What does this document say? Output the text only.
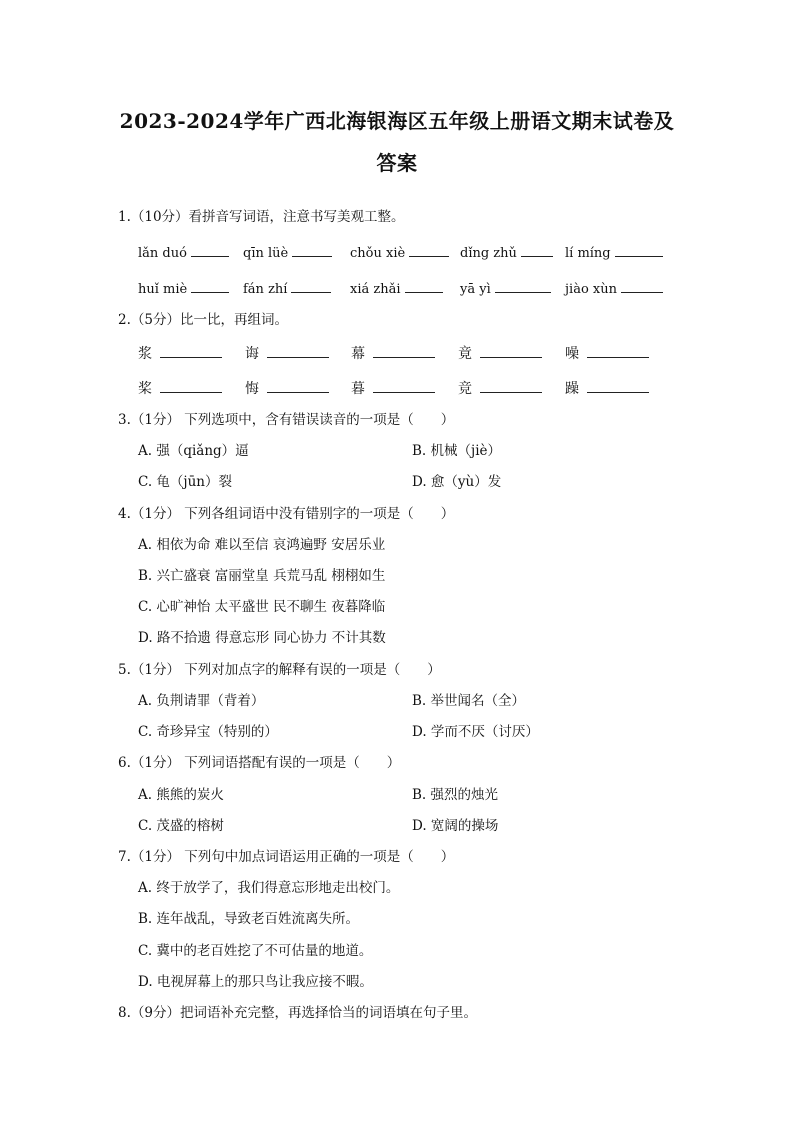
2023-2024学年广西北海银海区五年级上册语文期末试卷及
答案
1.（10分）看拼音写词语，注意书写美观工整。
lǎn duó	qīn lüè	chǒu xiè	dǐng zhǔ	lí míng
huǐ miè	fán zhí	xiá zhǎi	yā yì	jiào xùn
2.（5分）比一比，再组词。
浆	诲	幕	竟	噪
桨	悔	暮	竞	躁
3.（1分） 下列选项中，含有错误读音的一项是（　　）
A. 强（qiǎng）逼	B. 机械（jiè）
C. 龟（jūn）裂	D. 愈（yù）发
4.（1分） 下列各组词语中没有错别字的一项是（　　）
A. 相依为命 难以至信 哀鸿遍野 安居乐业
B. 兴亡盛衰 富丽堂皇 兵荒马乱 栩栩如生
C. 心旷神怡 太平盛世 民不聊生 夜暮降临
D. 路不拾遗 得意忘形 同心协力 不计其数
5.（1分） 下列对加点字的解释有误的一项是（　　）
A. 负荆请罪（背着）	B. 举世闻名（全）
C. 奇珍异宝（特别的）	D. 学而不厌（讨厌）
6.（1分） 下列词语搭配有误的一项是（　　）
A. 熊熊的炭火	B. 强烈的烛光
C. 茂盛的榕树	D. 宽阔的操场
7.（1分） 下列句中加点词语运用正确的一项是（　　）
A. 终于放学了，我们得意忘形地走出校门。
B. 连年战乱，导致老百姓流离失所。
C. 冀中的老百姓挖了不可估量的地道。
D. 电视屏幕上的那只鸟让我应接不暇。
8.（9分）把词语补充完整，再选择恰当的词语填在句子里。
